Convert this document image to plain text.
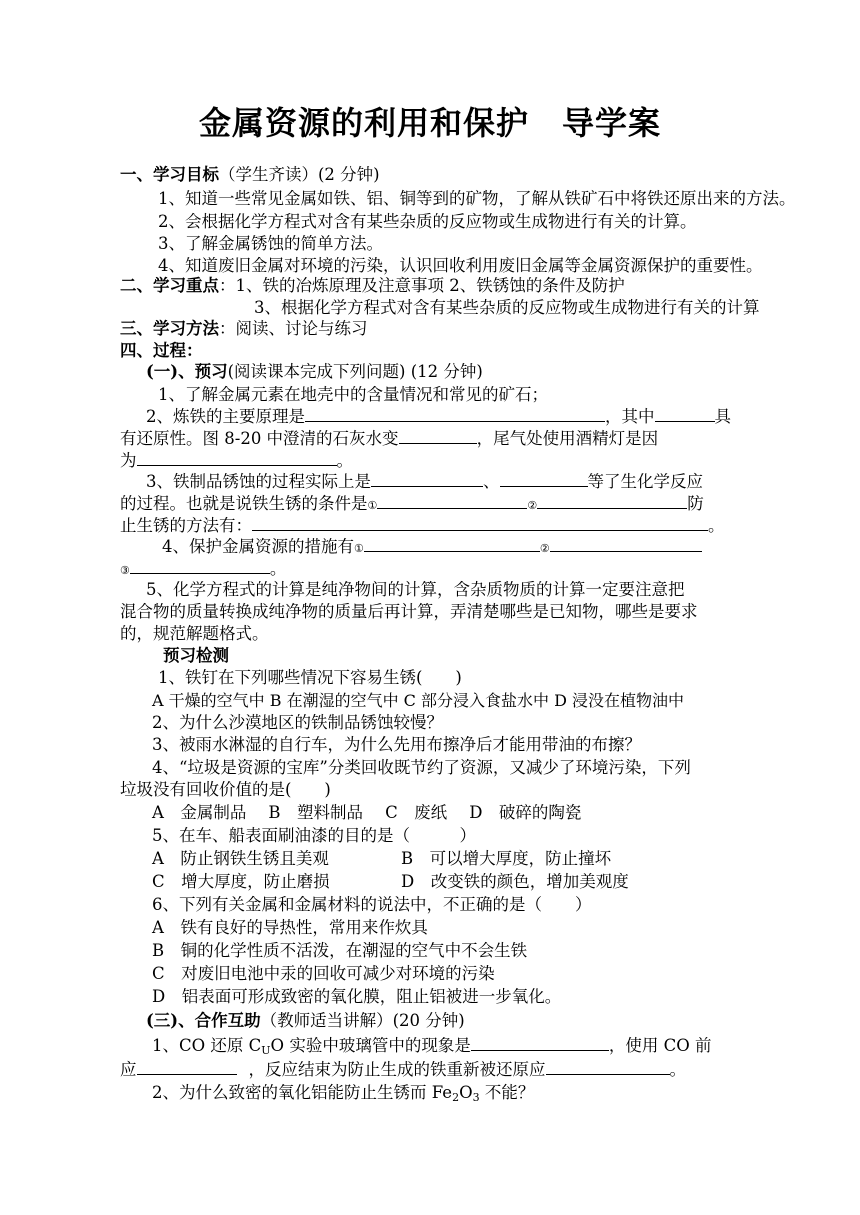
金属资源的利用和保护　导学案
一、学习目标（学生齐读）(2 分钟)
1、知道一些常见金属如铁、铝、铜等到的矿物，了解从铁矿石中将铁还原出来的方法。
2、会根据化学方程式对含有某些杂质的反应物或生成物进行有关的计算。
3、了解金属锈蚀的简单方法。
4、知道废旧金属对环境的污染，认识回收利用废旧金属等金属资源保护的重要性。
二、学习重点：1、铁的冶炼原理及注意事项 2、铁锈蚀的条件及防护
3、根据化学方程式对含有某些杂质的反应物或生成物进行有关的计算
三、学习方法：阅读、讨论与练习
四、过程：
(一)、预习(阅读课本完成下列问题) (12 分钟)
1、了解金属元素在地壳中的含量情况和常见的矿石；
2、炼铁的主要原理是	，其中	具
有还原性。图 8-20 中澄清的石灰水变	，尾气处使用酒精灯是因
为	。
3、铁制品锈蚀的过程实际上是	、	等了生化学反应
的过程。也就是说铁生锈的条件是①	②	防
止生锈的方法有：	。
4、保护金属资源的措施有①	②
③	。
5、化学方程式的计算是纯净物间的计算，含杂质物质的计算一定要注意把
混合物的质量转换成纯净物的质量后再计算，弄清楚哪些是已知物，哪些是要求
的，规范解题格式。
预习检测
1、铁钉在下列哪些情况下容易生锈(　　)
A 干燥的空气中 B 在潮湿的空气中 C 部分浸入食盐水中 D 浸没在植物油中
2、为什么沙漠地区的铁制品锈蚀较慢？
3、被雨水淋湿的自行车，为什么先用布擦净后才能用带油的布擦？
4、“垃圾是资源的宝库”分类回收既节约了资源，又减少了环境污染，下列
垃圾没有回收价值的是(　　)
A　金属制品 B　塑料制品 C　废纸 D　破碎的陶瓷
5、在车、船表面刷油漆的目的是（　　　）
A　防止钢铁生锈且美观	B　可以增大厚度，防止撞坏
C　增大厚度，防止磨损	D　改变铁的颜色，增加美观度
6、下列有关金属和金属材料的说法中，不正确的是（　　）
A　铁有良好的导热性，常用来作炊具
B　铜的化学性质不活泼，在潮湿的空气中不会生铁
C　对废旧电池中汞的回收可减少对环境的污染
D　铝表面可形成致密的氧化膜，阻止铝被进一步氧化。
(三)、合作互助（教师适当讲解）(20 分钟)
1、CO 还原 $C_UO$ 实验中玻璃管中的现象是	，使用 CO 前
应	，反应结束为防止生成的铁重新被还原应	。
2、为什么致密的氧化铝能防止生锈而 $Fe_2O_3$ 不能？
